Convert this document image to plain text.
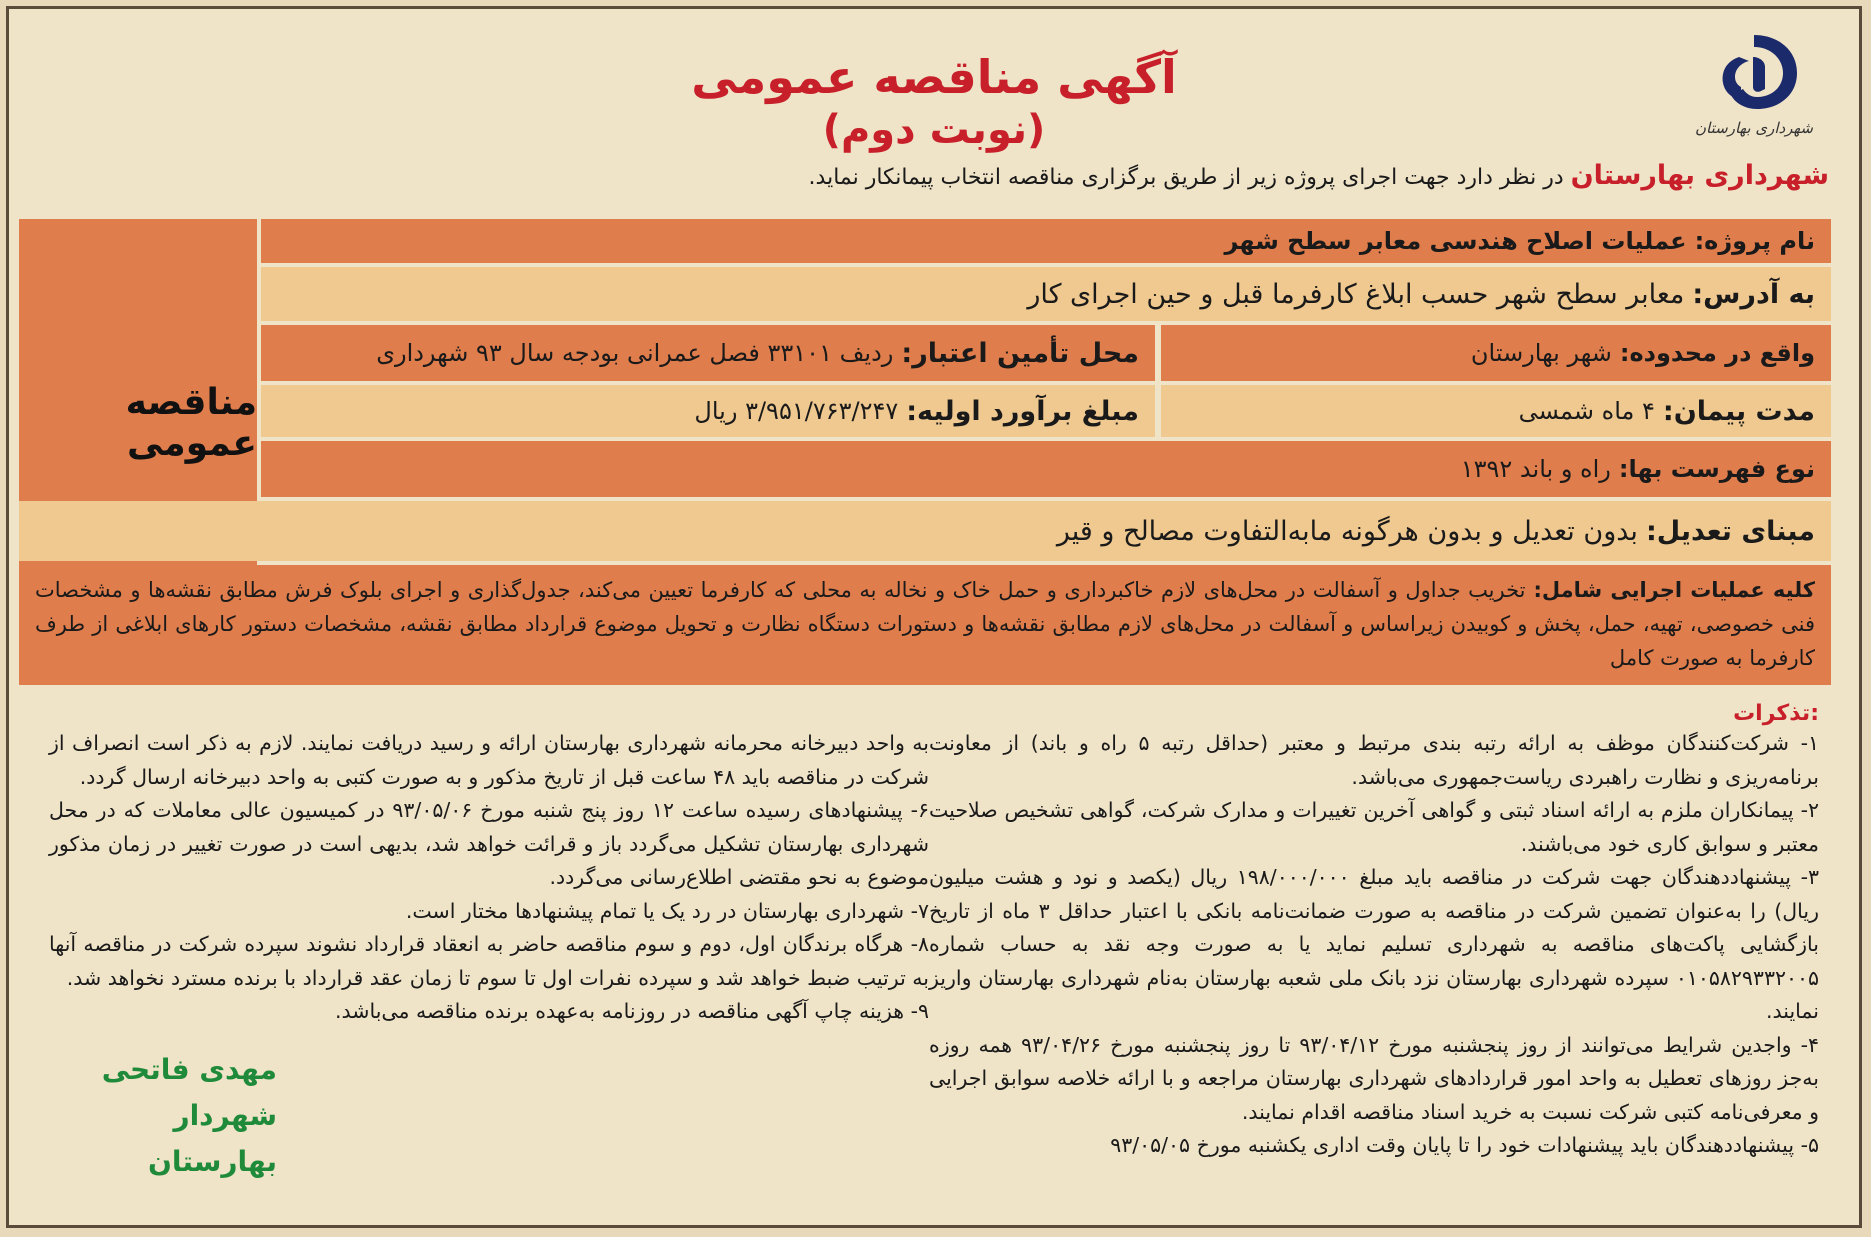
شهرداری بهارستان
آگهی مناقصه عمومی
(نوبت دوم)
شهرداری بهارستان در نظر دارد جهت اجرای پروژه زیر از طریق برگزاری مناقصه انتخاب پیمانکار نماید.
مناقصه عمومی
نام پروژه:
عملیات اصلاح هندسی معابر سطح شهر
به آدرس:
معابر سطح شهر حسب ابلاغ کارفرما قبل و حین اجرای کار
واقع در محدوده:
شهر بهارستان
محل تأمین اعتبار:
ردیف ۳۳۱۰۱ فصل عمرانی بودجه سال ۹۳ شهرداری
مدت پیمان:
۴ ماه شمسی
مبلغ برآورد اولیه:
۳/۹۵۱/۷۶۳/۲۴۷ ریال
نوع فهرست بها:
راه و باند ۱۳۹۲
مبنای تعدیل:
بدون تعدیل و بدون هرگونه مابه‌التفاوت مصالح و قیر
کلیه عملیات اجرایی شامل:تخریب جداول و آسفالت در محل‌های لازم خاکبرداری و حمل خاک و نخاله به محلی که کارفرما تعیین می‌کند، جدول‌گذاری و اجرای بلوک فرش مطابق نقشه‌ها و مشخصات فنی خصوصی، تهیه، حمل، پخش و کوبیدن زیراساس و آسفالت در محل‌های لازم مطابق نقشه‌ها و دستورات دستگاه نظارت و تحویل موضوع قرارداد مطابق نقشه، مشخصات دستور کارهای ابلاغی از طرف کارفرما به صورت کامل
تذکرات:

۱- شرکت‌کنندگان موظف به ارائه رتبه بندی مرتبط و معتبر (حداقل رتبه ۵ راه و باند) از معاونت برنامه‌ریزی و نظارت راهبردی ریاست‌جمهوری می‌باشد.

۲- پیمانکاران ملزم به ارائه اسناد ثبتی و گواهی آخرین تغییرات و مدارک شرکت، گواهی تشخیص صلاحیت معتبر و سوابق کاری خود می‌باشند.

۳- پیشنهاددهندگان جهت شرکت در مناقصه باید مبلغ ۱۹۸/۰۰۰/۰۰۰ ریال (یکصد و نود و هشت میلیون ریال) را به‌عنوان تضمین شرکت در مناقصه به صورت ضمانت‌نامه بانکی با اعتبار حداقل ۳ ماه از تاریخ بازگشایی پاکت‌های مناقصه به شهرداری تسلیم نماید یا به صورت وجه نقد به حساب شماره ۰۱۰۵۸۲۹۳۳۲۰۰۵ سپرده شهرداری بهارستان نزد بانک ملی شعبه بهارستان به‌نام شهرداری بهارستان واریز نمایند.

۴- واجدین شرایط می‌توانند از روز پنجشنبه مورخ ۹۳/۰۴/۱۲ تا روز پنجشنبه مورخ ۹۳/۰۴/۲۶ همه روزه به‌جز روزهای تعطیل به واحد امور قراردادهای شهرداری بهارستان مراجعه و با ارائه خلاصه سوابق اجرایی و معرفی‌نامه کتبی شرکت نسبت به خرید اسناد مناقصه اقدام نمایند.

۵- پیشنهاددهندگان باید پیشنهادات خود را تا پایان وقت اداری یکشنبه مورخ ۹۳/۰۵/۰۵

به واحد دبیرخانه محرمانه شهرداری بهارستان ارائه و رسید دریافت نمایند. لازم به ذکر است انصراف از شرکت در مناقصه باید ۴۸ ساعت قبل از تاریخ مذکور و به صورت کتبی به واحد دبیرخانه ارسال گردد.

۶- پیشنهادهای رسیده ساعت ۱۲ روز پنج شنبه مورخ ۹۳/۰۵/۰۶ در کمیسیون عالی معاملات که در محل شهرداری بهارستان تشکیل می‌گردد باز و قرائت خواهد شد، بدیهی است در صورت تغییر در زمان مذکور موضوع به نحو مقتضی اطلاع‌رسانی می‌گردد.

۷- شهرداری بهارستان در رد یک یا تمام پیشنهادها مختار است.

۸- هرگاه برندگان اول، دوم و سوم مناقصه حاضر به انعقاد قرارداد نشوند سپرده شرکت در مناقصه آنها به ترتیب ضبط خواهد شد و سپرده نفرات اول تا سوم تا زمان عقد قرارداد با برنده مسترد نخواهد شد.

۹- هزینه چاپ آگهی مناقصه در روزنامه به‌عهده برنده مناقصه می‌باشد.

مهدی فاتحی
شهردار بهارستان
